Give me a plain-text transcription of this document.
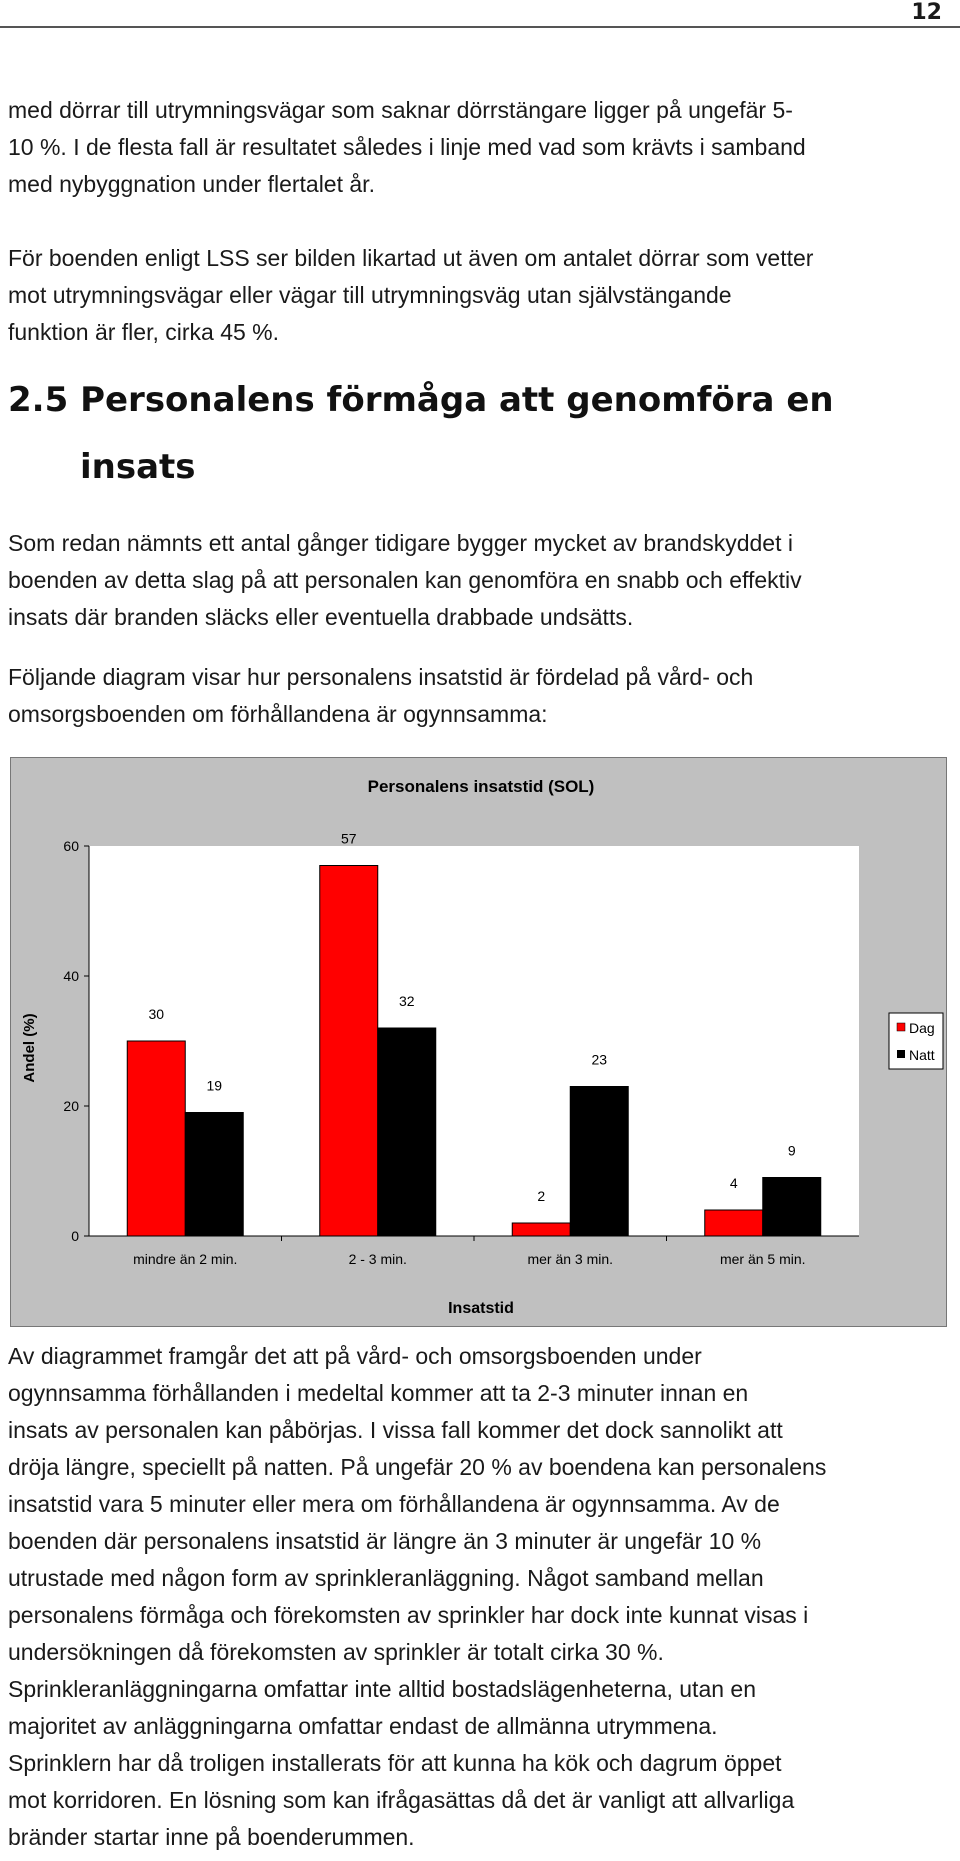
12

med dörrar till utrymningsvägar som saknar dörrstängare ligger på ungefär 5-
10 %. I de flesta fall är resultatet således i linje med vad som krävts i samband
med nybyggnation under flertalet år.

För boenden enligt LSS ser bilden likartad ut även om antalet dörrar som vetter
mot utrymningsvägar eller vägar till utrymningsväg utan självstängande
funktion är fler, cirka 45 %.

2.5 Personalens förmåga att genomföra en
insats

Som redan nämnts ett antal gånger tidigare bygger mycket av brandskyddet i
boenden av detta slag på att personalen kan genomföra en snabb och effektiv
insats där branden släcks eller eventuella drabbade undsätts.

Följande diagram visar hur personalens insatstid är fördelad på vård- och
omsorgsboenden om förhållandena är ogynnsamma:

Personalens insatstid (SOL)
0
20
40
60
30
19
57
32
2
23
4
9
mindre än 2 min.	2 - 3 min.	mer än 3 min.	mer än 5 min.
Andel (%)
Insatstid
Dag
Natt

Av diagrammet framgår det att på vård- och omsorgsboenden under
ogynnsamma förhållanden i medeltal kommer att ta 2-3 minuter innan en
insats av personalen kan påbörjas. I vissa fall kommer det dock sannolikt att
dröja längre, speciellt på natten. På ungefär 20 % av boendena kan personalens
insatstid vara 5 minuter eller mera om förhållandena är ogynnsamma. Av de
boenden där personalens insatstid är längre än 3 minuter är ungefär 10 %
utrustade med någon form av sprinkleranläggning. Något samband mellan
personalens förmåga och förekomsten av sprinkler har dock inte kunnat visas i
undersökningen då förekomsten av sprinkler är totalt cirka 30 %.
Sprinkleranläggningarna omfattar inte alltid bostadslägenheterna, utan en
majoritet av anläggningarna omfattar endast de allmänna utrymmena.
Sprinklern har då troligen installerats för att kunna ha kök och dagrum öppet
mot korridoren. En lösning som kan ifrågasättas då det är vanligt att allvarliga
bränder startar inne på boenderummen.
